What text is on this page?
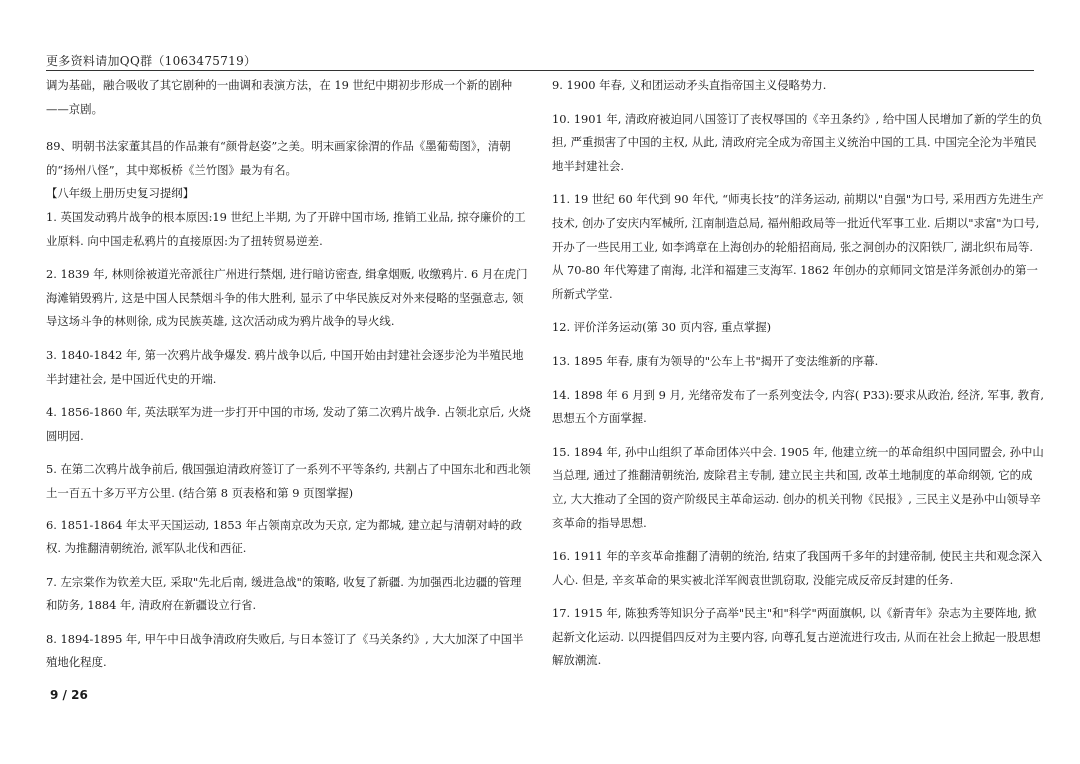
更多资料请加QQ群（1063475719）

调为基础，融合吸收了其它剧种的一曲调和表演方法，在 19 世纪中期初步形成一个新的剧种——京剧。

89、明朝书法家董其昌的作品兼有“颜骨赵姿”之美。明末画家徐渭的作品《墨葡萄图》，清朝的“扬州八怪”，其中郑板桥《兰竹图》最为有名。

【八年级上册历史复习提纲】

1. 英国发动鸦片战争的根本原因:19 世纪上半期, 为了开辟中国市场, 推销工业品, 掠夺廉价的工业原料. 向中国走私鸦片的直接原因:为了扭转贸易逆差.

2. 1839 年, 林则徐被道光帝派往广州进行禁烟, 进行暗访密查, 缉拿烟贩, 收缴鸦片. 6 月在虎门海滩销毁鸦片, 这是中国人民禁烟斗争的伟大胜利, 显示了中华民族反对外来侵略的坚强意志, 领导这场斗争的林则徐, 成为民族英雄, 这次活动成为鸦片战争的导火线.

3. 1840-1842 年, 第一次鸦片战争爆发. 鸦片战争以后, 中国开始由封建社会逐步沦为半殖民地半封建社会, 是中国近代史的开端.

4. 1856-1860 年, 英法联军为进一步打开中国的市场, 发动了第二次鸦片战争. 占领北京后, 火烧圆明园.

5. 在第二次鸦片战争前后, 俄国强迫清政府签订了一系列不平等条约, 共割占了中国东北和西北领土一百五十多万平方公里. (结合第 8 页表格和第 9 页图掌握)

6. 1851-1864 年太平天国运动, 1853 年占领南京改为天京, 定为都城, 建立起与清朝对峙的政权. 为推翻清朝统治, 派军队北伐和西征.

7. 左宗棠作为钦差大臣, 采取"先北后南, 缓进急战"的策略, 收复了新疆. 为加强西北边疆的管理和防务, 1884 年, 清政府在新疆设立行省.

8. 1894-1895 年, 甲午中日战争清政府失败后, 与日本签订了《马关条约》, 大大加深了中国半殖地化程度.

9. 1900 年春, 义和团运动矛头直指帝国主义侵略势力.

10. 1901 年, 清政府被迫同八国签订了丧权辱国的《辛丑条约》, 给中国人民增加了新的学生的负担, 严重损害了中国的主权, 从此, 清政府完全成为帝国主义统治中国的工具. 中国完全沦为半殖民地半封建社会.

11. 19 世纪 60 年代到 90 年代, “师夷长技”的洋务运动, 前期以"自强"为口号, 采用西方先进生产技术, 创办了安庆内军械所, 江南制造总局, 福州船政局等一批近代军事工业. 后期以"求富"为口号, 开办了一些民用工业, 如李鸿章在上海创办的轮船招商局, 张之洞创办的汉阳铁厂, 湖北织布局等. 从 70-80 年代筹建了南海, 北洋和福建三支海军. 1862 年创办的京师同文馆是洋务派创办的第一所新式学堂.

12. 评价洋务运动(第 30 页内容, 重点掌握)

13. 1895 年春, 康有为领导的"公车上书"揭开了变法维新的序幕.

14. 1898 年 6 月到 9 月, 光绪帝发布了一系列变法令, 内容( P33):要求从政治, 经济, 军事, 教育, 思想五个方面掌握.

15. 1894 年, 孙中山组织了革命团体兴中会. 1905 年, 他建立统一的革命组织中国同盟会, 孙中山当总理, 通过了推翻清朝统治, 废除君主专制, 建立民主共和国, 改革土地制度的革命纲领, 它的成立, 大大推动了全国的资产阶级民主革命运动. 创办的机关刊物《民报》, 三民主义是孙中山领导辛亥革命的指导思想.

16. 1911 年的辛亥革命推翻了清朝的统治, 结束了我国两千多年的封建帝制, 使民主共和观念深入人心. 但是, 辛亥革命的果实被北洋军阀袁世凯窃取, 没能完成反帝反封建的任务.

17. 1915 年, 陈独秀等知识分子高举"民主"和"科学"两面旗帜, 以《新青年》杂志为主要阵地, 掀起新文化运动. 以四提倡四反对为主要内容, 向尊孔复古逆流进行攻击, 从而在社会上掀起一股思想解放潮流.

9 / 26
